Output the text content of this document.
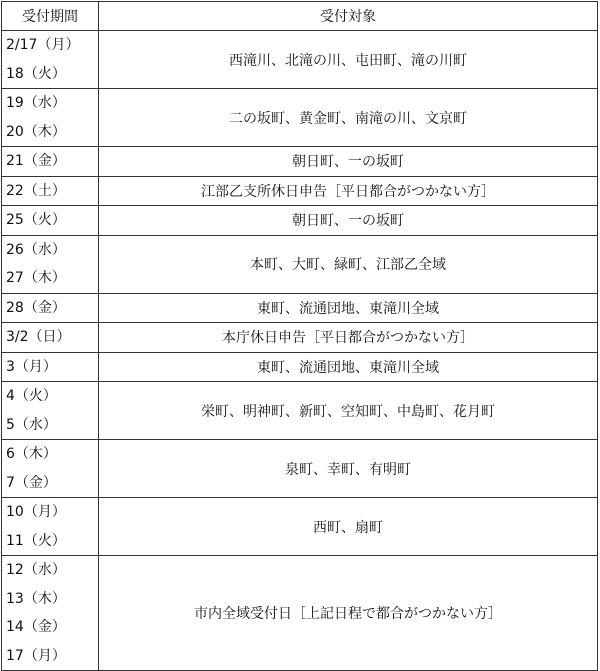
受付期間	受付対象

2/17（月）
18（火）	西滝川、北滝の川、屯田町、滝の川町

19（水）
20（木）	二の坂町、黄金町、南滝の川、文京町

21（金）	朝日町、一の坂町

22（土）	江部乙支所休日申告［平日都合がつかない方］

25（火）	朝日町、一の坂町

26（水）
27（木）	本町、大町、緑町、江部乙全域

28（金）	東町、流通団地、東滝川全域

3/2（日）	本庁休日申告［平日都合がつかない方］

3（月）	東町、流通団地、東滝川全域

4（火）
5（水）	栄町、明神町、新町、空知町、中島町、花月町

6（木）
7（金）	泉町、幸町、有明町

10（月）
11（火）	西町、扇町

12（水）
13（木）
14（金）
17（月）	市内全域受付日［上記日程で都合がつかない方］
